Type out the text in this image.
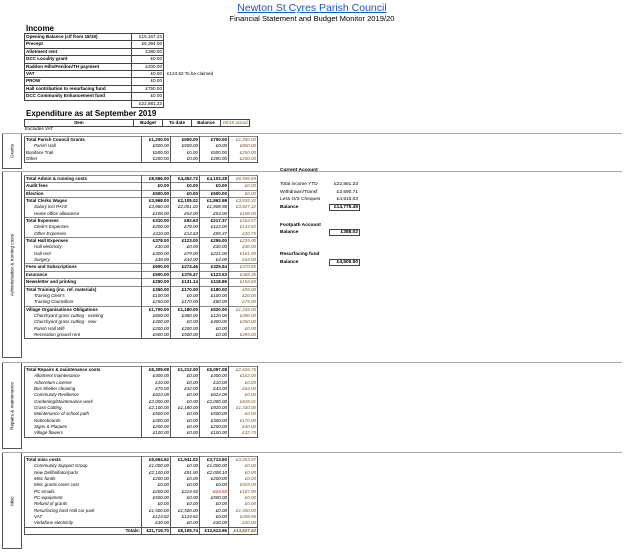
Newton St Cyres Parish Council
Financial Statement and Budget Monitor 2019/20
Income
Opening Balance (c/f from 18/19)	£15,167.23
Precept	£6,384.00
Allotment rent	£380.00
DCC Locality grant	£0.00
Raddon Hills/Fenilon/TH payment	£200.00
VAT	£0.00
PROW	£0.00
Hall contribution to resurfacing fund	£750.00
DCC Community Enhancement fund	£0.00
	£22,881.23
£124.62 To be claimed
Expenditure as at September 2019
Item	Budget	To date	Balance	18/19 actual
Excludes VAT
Grants
Total Parish Council Grants	£1,200.00	£500.00	£700.00	£1,250.00
Parish Hall	£500.00	£500.00	£0.00	£800.00
Boniface Trail	£500.00	£0.00	£500.00	£250.00
Other	£200.00	£0.00	£200.00	£200.00
Administration & running costs
Total Admin & running costs	£8,556.00	£4,452.72	£4,103.28	£6,596.69
Audit fees	£0.00	£0.00	£0.00	£0.00
Election	£500.00	£0.00	£500.00	£0.00
Total Clerks Wages	£3,968.00	£2,105.02	£1,862.98	£3,935.32
Salary incl PAYE	£3,860.00	£2,051.02	£1,808.98	£3,827.32
Home office allowance	£108.00	£54.00	£54.00	£108.00
Total Expenses	£310.00	£92.63	£217.37	£164.57
Clerk's Expenses	£200.00	£78.00	£122.00	£143.82
Other Expenses	£110.00	£14.63	£95.37	£20.75
Total Hall Expenses	£378.00	£123.00	£255.00	£235.00
Hall electricity	£30.00	£0.00	£30.00	£30.00
Hall rent	£300.00	£79.00	£221.00	£161.00
Surgery	£48.00	£44.00	£4.00	£44.00
Fees and Subscriptions	£600.00	£274.46	£325.54	£370.85
Insurance	£500.00	£376.47	£123.53	£368.35
Newsletter and printing	£250.00	£131.14	£118.86	£184.60
Total Training (inc. ref. materials)	£350.00	£170.00	£180.00	£95.00
Training Clerk's	£100.00	£0.00	£100.00	£20.00
Training Councillors	£250.00	£170.00	£80.00	£75.00
Village Organisations Obligations	£1,700.00	£1,180.00	£520.00	£1,245.00
Churchyard grass cutting - existing	£600.00	£480.00	£120.00	£490.00
Churchyard grass cutting - new	£400.00	£0.00	£400.00	£260.00
Parish Hall Wifi	£200.00	£200.00	£0.00	£0.00
Recreation ground rent	£500.00	£500.00	£0.00	£495.00
Repairs & maintenance
Total Repairs & maintenance costs	£6,309.08	£1,212.00	£5,097.08	£2,626.76
Allotment maintenance	£400.00	£0.00	£400.00	£162.00
Arboretum License	£10.00	£0.00	£10.00	£0.00
Bus Shelter cleaning	£75.00	£32.00	£43.00	£64.00
Community Resilience	£624.08	£0.00	£624.08	£0.00
Gardening/Maintenance work	£2,000.00	£0.00	£2,000.00	£828.01
Grass Cutting	£2,100.00	£1,180.00	£920.00	£1,330.00
Maintenance of school path	£500.00	£0.00	£500.00	£0.00
Noticeboards	£300.00	£0.00	£300.00	£170.00
Signs & Plaques	£200.00	£0.00	£200.00	£40.00
Village flowers	£100.00	£0.00	£100.00	£32.75
Misc
Total misc costs	£5,654.62	£1,941.02	£3,713.60	£3,053.97
Community Support Group	£1,000.00	£0.00	£1,000.00	£0.00
New Defibrillator/parts	£2,100.00	£91.90	£2,008.10	£0.00
Misc funds	£200.00	£0.00	£200.00	£0.00
Misc grants cover cost	£0.00	£0.00	£0.00	£929.00
PC emails	£200.00	£224.50	-£24.50	£187.00
PC equipment	£500.00	£0.00	£500.00	£0.00
Refund of grants	£0.00	£0.00	£0.00	£0.00
Resurfacing fund Hall car park	£1,500.00	£1,500.00	£0.00	£1,500.00
VAT	£124.62	£124.62	£0.00	£208.98
Vodafone electricity	£30.00	£0.00	£30.00	£30.00
Totals:	£21,719.70	£8,105.74	£13,613.96	£13,527.42
Current Account
Total income YTD	£22,881.23
Withdrawn/Transf	£3,590.71
Less O/S Cheques	£4,515.03
Balance	£14,775.49
Footpath Account
Balance	£388.02
Resurfacing fund
Balance	£4,505.50
